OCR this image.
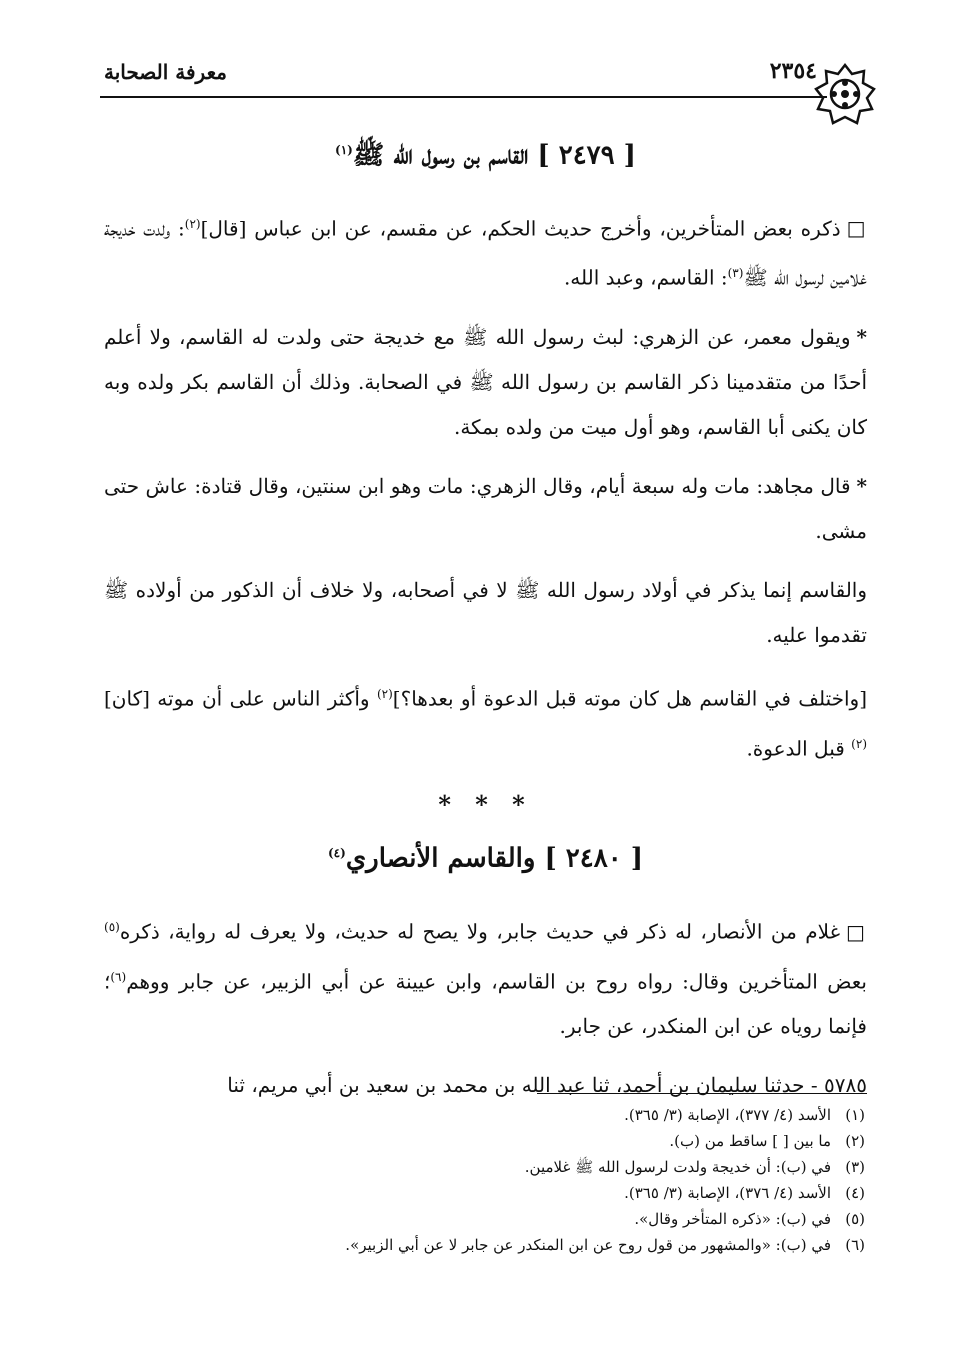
معرفة الصحابة	٢٣٥٤
[ ٢٤٧٩ ] القاسم بن رسول الله ﷺ$^{(١)}$

□ذكره بعض المتأخرين، وأخرج حديث الحكم، عن مقسم، عن ابن عباس [قال]$^{(٢)}$: ولدت خديجة غلامين لرسول الله ﷺ$^{(٣)}$: القاسم، وعبد الله.

*ويقول معمر، عن الزهري: لبث رسول الله ﷺ مع خديجة حتى ولدت له القاسم، ولا أعلم أحدًا من متقدمينا ذكر القاسم بن رسول الله ﷺ في الصحابة. وذلك أن القاسم بكر ولده وبه كان يكنى أبا القاسم، وهو أول ميت من ولده بمكة.

*قال مجاهد: مات وله سبعة أيام، وقال الزهري: مات وهو ابن سنتين، وقال قتادة: عاش حتى مشى.

والقاسم إنما يذكر في أولاد رسول الله ﷺ لا في أصحابه، ولا خلاف أن الذكور من أولاده ﷺ تقدموا عليه.

[واختلف في القاسم هل كان موته قبل الدعوة أو بعدها؟]$^{(٢)}$ وأكثر الناس على أن موته [كان]$^{(٢)}$ قبل الدعوة.

* * *
[ ٢٤٨٠ ] والقاسم الأنصاري$^{(٤)}$

□غلام من الأنصار، له ذكر في حديث جابر، ولا يصح له حديث، ولا يعرف له رواية، ذكره$^{(٥)}$ بعض المتأخرين وقال: رواه روح بن القاسم، وابن عيينة عن أبي الزبير، عن جابر ووهم$^{(٦)}$؛ فإنما روياه عن ابن المنكدر، عن جابر.

٥٧٨٥ - حدثنا سليمان بن أحمد، ثنا عبد الله بن محمد بن سعيد بن أبي مريم، ثنا

(١)الأسد (٤/ ٣٧٧)، الإصابة (٣/ ٣٦٥).

(٢)ما بين [ ] ساقط من (ب).

(٣)في (ب): أن خديجة ولدت لرسول الله ﷺ غلامين.

(٤)الأسد (٤/ ٣٧٦)، الإصابة (٣/ ٣٦٥).

(٥)في (ب): «ذكره المتأخر وقال».

(٦)في (ب): «والمشهور من قول روح عن ابن المنكدر عن جابر لا عن أبي الزبير».
